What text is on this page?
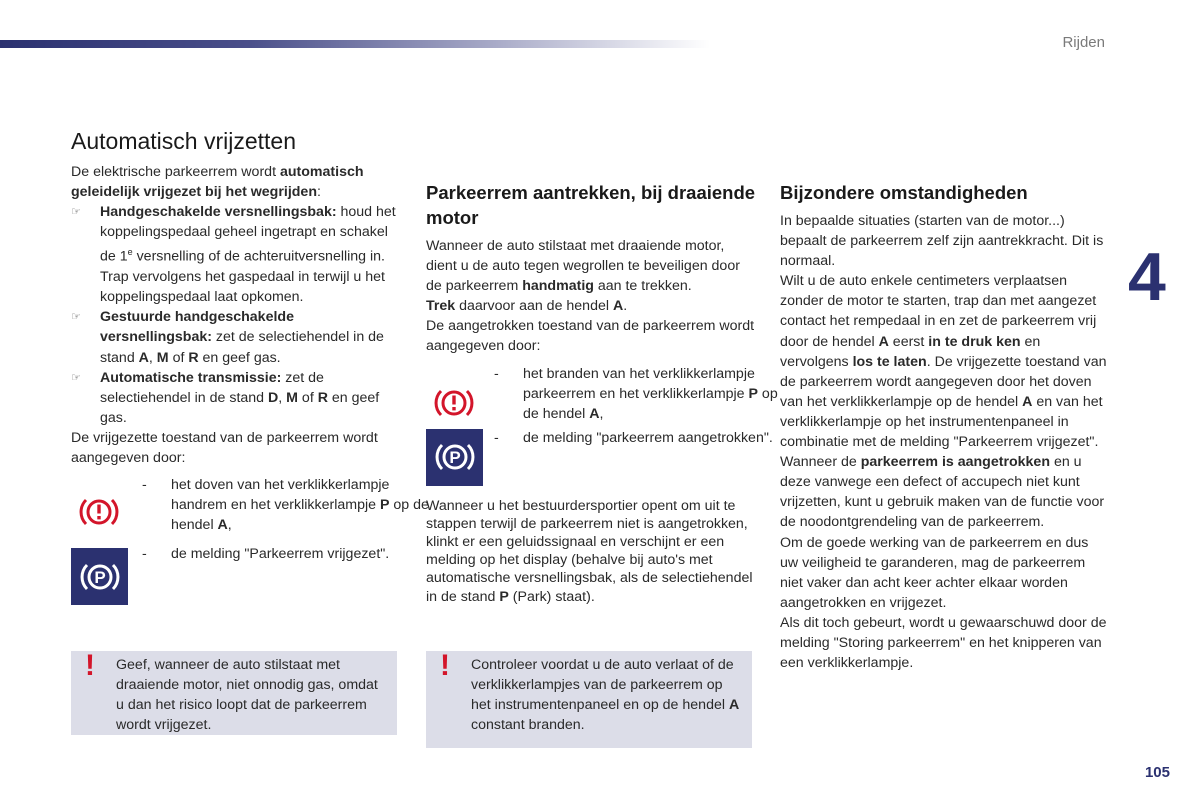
Rijden
4
105
Automatisch vrijzetten

De elektrische parkeerrem wordt automatisch geleidelijk vrijgezet bij het wegrijden:

☞ Handgeschakelde versnellingsbak: houd het koppelingspedaal geheel ingetrapt en schakel de 1e versnelling of de achteruitversnelling in. Trap vervolgens het gaspedaal in terwijl u het koppelingspedaal laat opkomen.
☞ Gestuurde handgeschakelde versnellingsbak: zet de selectiehendel in de stand A, M of R en geef gas.
☞ Automatische transmissie: zet de selectiehendel in de stand D, M of R en geef gas.

De vrijgezette toestand van de parkeerrem wordt aangegeven door:

- het doven van het verklikkerlampje handrem en het verklikkerlampje P op de hendel A,
P
- de melding "Parkeerrem vrijgezet".
! Geef, wanneer de auto stilstaat met draaiende motor, niet onnodig gas, omdat u dan het risico loopt dat de parkeerrem wordt vrijgezet.
Parkeerrem aantrekken, bij draaiende motor

Wanneer de auto stilstaat met draaiende motor, dient u de auto tegen wegrollen te beveiligen door de parkeerrem handmatig aan te trekken.
Trek daarvoor aan de hendel A.

De aangetrokken toestand van de parkeerrem wordt aangegeven door:

- het branden van het verklikkerlampje parkeerrem en het verklikkerlampje P op de hendel A,
P
- de melding "parkeerrem aangetrokken".

Wanneer u het bestuurdersportier opent om uit te stappen terwijl de parkeerrem niet is aangetrokken, klinkt er een geluidssignaal en verschijnt er een melding op het display (behalve bij auto's met automatische versnellingsbak, als de selectiehendel in de stand P (Park) staat).

! Controleer voordat u de auto verlaat of de verklikkerlampjes van de parkeerrem op het instrumentenpaneel en op de hendel A constant branden.
Bijzondere omstandigheden

In bepaalde situaties (starten van de motor...) bepaalt de parkeerrem zelf zijn aantrekkracht. Dit is normaal.

Wilt u de auto enkele centimeters verplaatsen zonder de motor te starten, trap dan met aangezet contact het rempedaal in en zet de parkeerrem vrij door de hendel A eerst in te druk ken en vervolgens los te laten. De vrijgezette toestand van de parkeerrem wordt aangegeven door het doven van het verklikkerlampje op de hendel A en van het verklikkerlampje op het instrumentenpaneel in combinatie met de melding "Parkeerrem vrijgezet".

Wanneer de parkeerrem is aangetrokken en u deze vanwege een defect of accupech niet kunt vrijzetten, kunt u gebruik maken van de functie voor de noodontgrendeling van de parkeerrem.

Om de goede werking van de parkeerrem en dus uw veiligheid te garanderen, mag de parkeerrem niet vaker dan acht keer achter elkaar worden aangetrokken en vrijgezet.

Als dit toch gebeurt, wordt u gewaarschuwd door de melding "Storing parkeerrem" en het knipperen van een verklikkerlampje.
